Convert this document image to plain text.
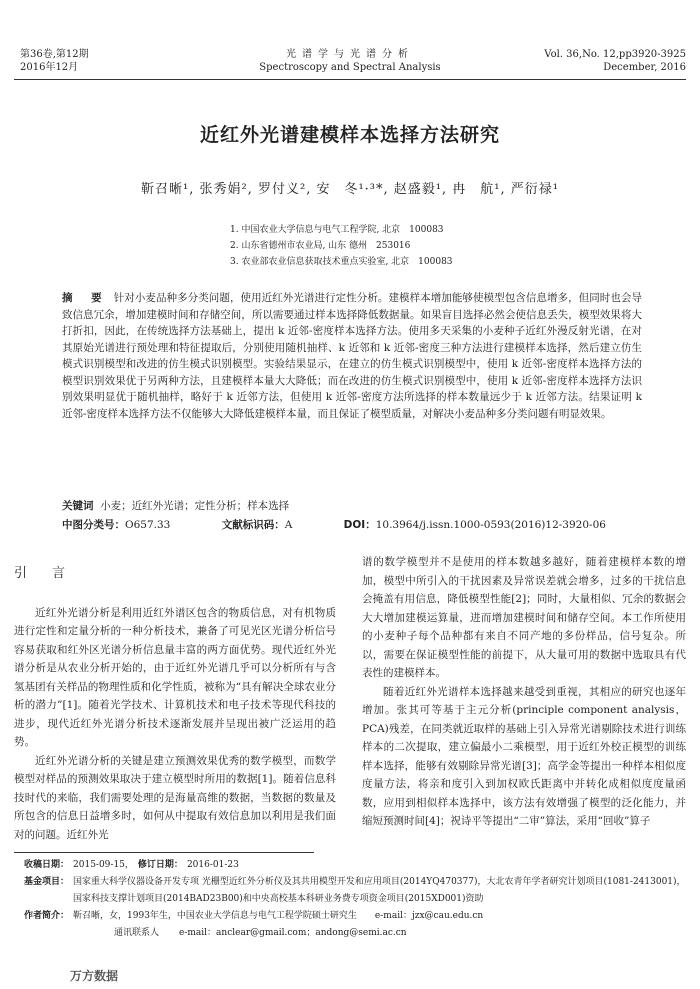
第36卷,第12期
2016年12月
光谱学与光谱分析
Spectroscopy and Spectral Analysis
Vol. 36,No. 12,pp3920-3925
December, 2016
近红外光谱建模样本选择方法研究
靳召晰¹, 张秀娟², 罗付义², 安　冬¹·³*, 赵盛毅¹, 冉　航¹, 严衍禄¹
1. 中国农业大学信息与电气工程学院, 北京　100083
2. 山东省德州市农业局, 山东 德州　253016
3. 农业部农业信息获取技术重点实验室, 北京　100083
摘　要 针对小麦品种多分类问题，使用近红外光谱进行定性分析。建模样本增加能够使模型包含信息增多，但同时也会导致信息冗余，增加建模时间和存储空间，所以需要通过样本选择降低数据量。如果盲目选择必然会使信息丢失，模型效果将大打折扣，因此，在传统选择方法基础上，提出 k 近邻-密度样本选择方法。使用多天采集的小麦种子近红外漫反射光谱，在对其原始光谱进行预处理和特征提取后，分别使用随机抽样、k 近邻和 k 近邻-密度三种方法进行建模样本选择，然后建立仿生模式识别模型和改进的仿生模式识别模型。实验结果显示，在建立的仿生模式识别模型中，使用 k 近邻-密度样本选择方法的模型识别效果优于另两种方法，且建模样本量大大降低；而在改进的仿生模式识别模型中，使用 k 近邻-密度样本选择方法识别效果明显优于随机抽样，略好于 k 近邻方法，但使用 k 近邻-密度方法所选择的样本数量远少于 k 近邻方法。结果证明 k 近邻-密度样本选择方法不仅能够大大降低建模样本量，而且保证了模型质量，对解决小麦品种多分类问题有明显效果。
关键词 小麦；近红外光谱；定性分析；样本选择
中图分类号：O657.33	文献标识码：A	DOI：10.3964/j.issn.1000-0593(2016)12-3920-06
引　言

近红外光谱分析是利用近红外谱区包含的物质信息，对有机物质进行定性和定量分析的一种分析技术，兼备了可见光区光谱分析信号容易获取和红外区光谱分析信息量丰富的两方面优势。现代近红外光谱分析是从农业分析开始的，由于近红外光谱几乎可以分析所有与含氢基团有关样品的物理性质和化学性质，被称为“具有解决全球农业分析的潜力”[1]。随着光学技术、计算机技术和电子技术等现代科技的进步，现代近红外光谱分析技术逐渐发展并呈现出被广泛运用的趋势。

近红外光谱分析的关键是建立预测效果优秀的数学模型，而数学模型对样品的预测效果取决于建立模型时所用的数据[1]。随着信息科技时代的来临，我们需要处理的是海量高维的数据，当数据的数量及所包含的信息日益增多时，如何从中提取有效信息加以利用是我们面对的问题。近红外光

谱的数学模型并不是使用的样本数越多越好，随着建模样本数的增加，模型中所引入的干扰因素及异常误差就会增多，过多的干扰信息会掩盖有用信息，降低模型性能[2]；同时，大量相似、冗余的数据会大大增加建模运算量，进而增加建模时间和储存空间。本工作所使用的小麦种子每个品种都有来自不同产地的多份样品，信号复杂。所以，需要在保证模型性能的前提下，从大量可用的数据中选取具有代表性的建模样本。

随着近红外光谱样本选择越来越受到重视，其相应的研究也逐年增加。张其可等基于主元分析(principle component analysis，PCA)残差，在同类就近取样的基础上引入异常光谱剔除技术进行训练样本的二次提取，建立偏最小二乘模型，用于近红外校正模型的训练样本选择，能够有效剔除异常光谱[3]；高学金等提出一种样本相似度度量方法，将亲和度引入到加权欧氏距离中并转化成相似度度量函数，应用到相似样本选择中，该方法有效增强了模型的泛化能力，并缩短预测时间[4]；祝诗平等提出“二审”算法，采用“回收”算子

收稿日期： 2015-09-15 ， 修订日期： 2016-01-23
基金项目： 国家重大科学仪器设备开发专项 光栅型近红外分析仪及其共用模型开发和应用项目(2014YQ470377)，大北农青年学者研究计划项目(1081-2413001)，国家科技支撑计划项目(2014BAD23B00)和中央高校基本科研业务费专项资金项目(2015XD001)资助
作者简介： 靳召晰，女，1993年生，中国农业大学信息与电气工程学院硕士研究生　　e-mail：jzx@cau.edu.cn
通讯联系人 e-mail：anclear@gmail.com；andong@semi.ac.cn
万方数据
